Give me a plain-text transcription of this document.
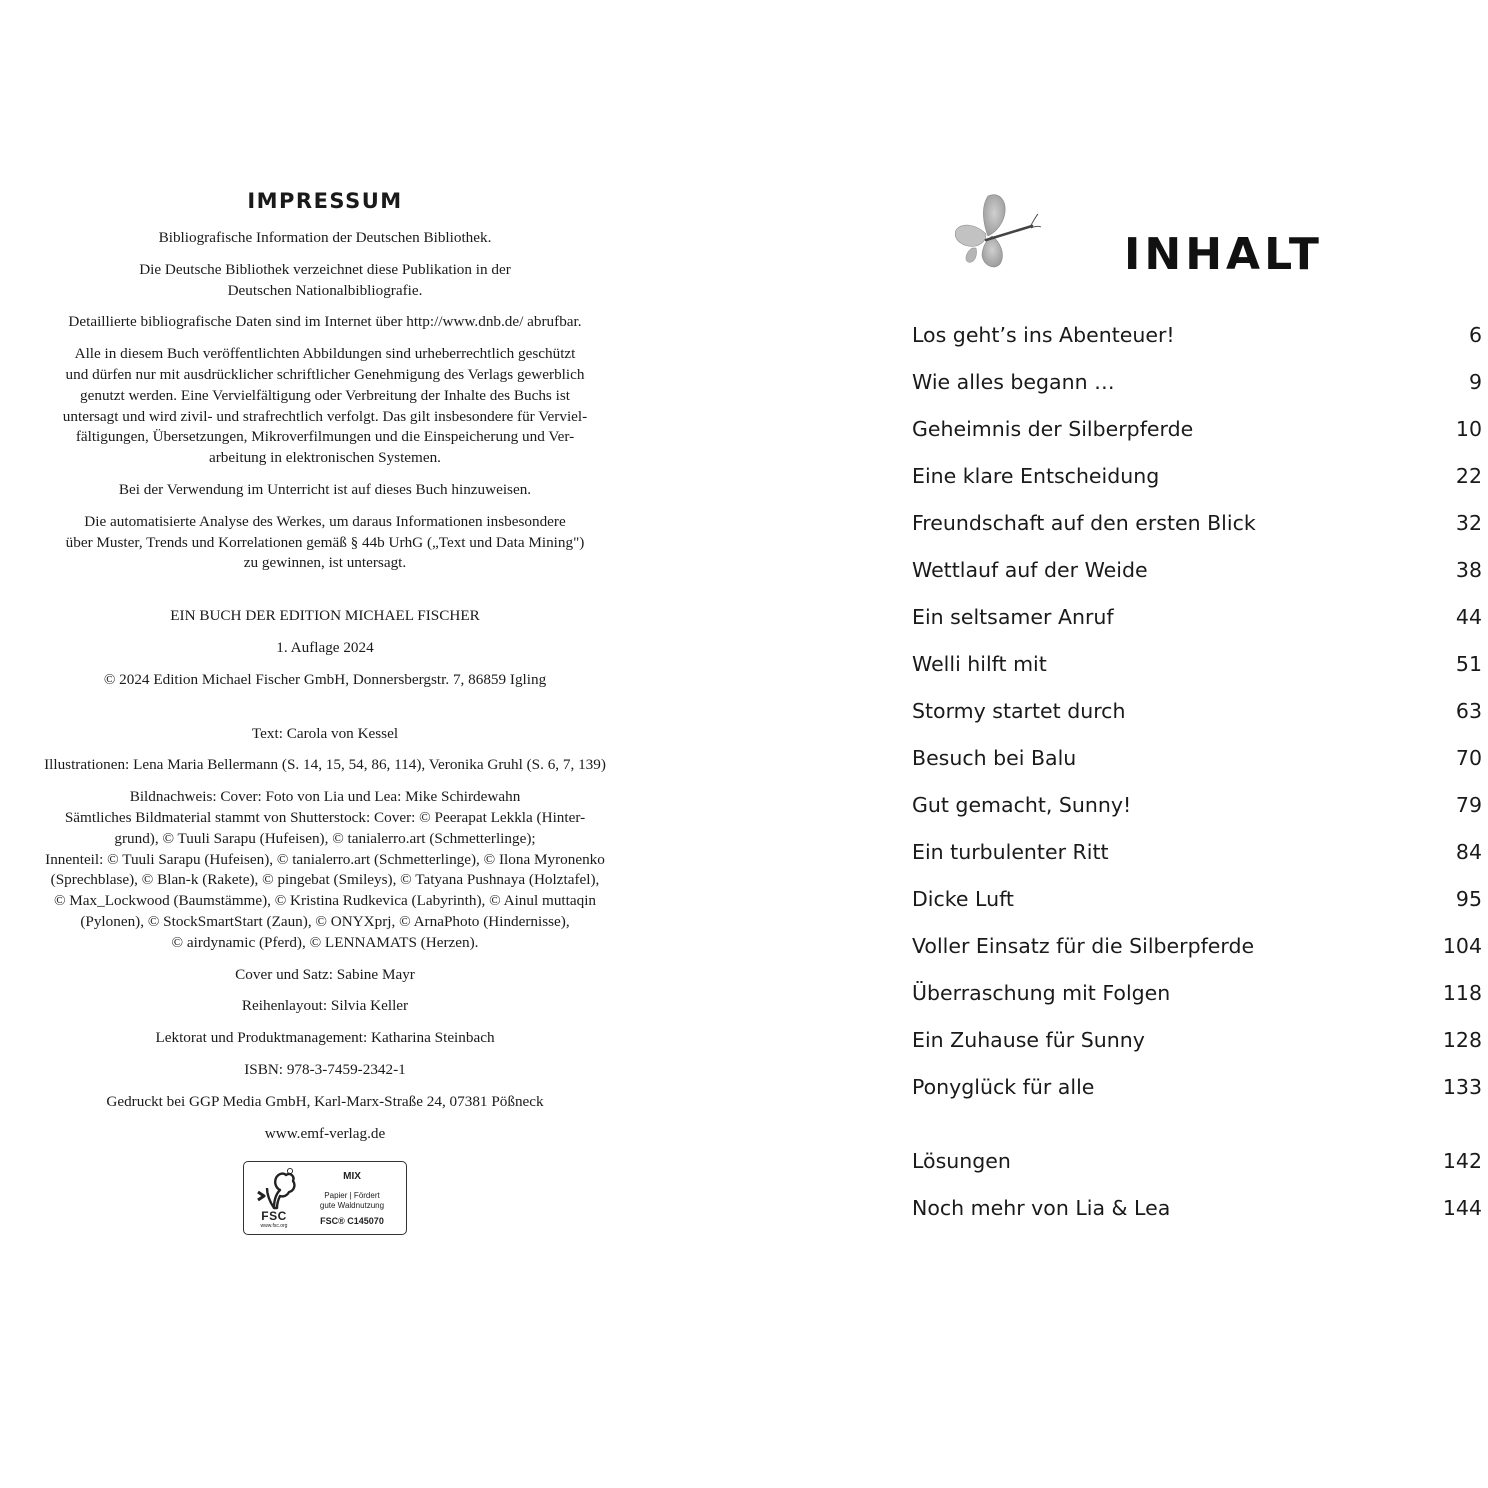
IMPRESSUM

Bibliografische Information der Deutschen Bibliothek.

Die Deutsche Bibliothek verzeichnet diese Publikation in der
Deutschen Nationalbibliografie.

Detaillierte bibliografische Daten sind im Internet über http://www.dnb.de/ abrufbar.

Alle in diesem Buch veröffentlichten Abbildungen sind urheberrechtlich geschützt
und dürfen nur mit ausdrücklicher schriftlicher Genehmigung des Verlags gewerblich
genutzt werden. Eine Vervielfältigung oder Verbreitung der Inhalte des Buchs ist
untersagt und wird zivil- und strafrechtlich verfolgt. Das gilt insbesondere für Verviel-
fältigungen, Übersetzungen, Mikroverfilmungen und die Einspeicherung und Ver-
arbeitung in elektronischen Systemen.

Bei der Verwendung im Unterricht ist auf dieses Buch hinzuweisen.

Die automatisierte Analyse des Werkes, um daraus Informationen insbesondere
über Muster, Trends und Korrelationen gemäß § 44b UrhG („Text und Data Mining")
zu gewinnen, ist untersagt.

EIN BUCH DER EDITION MICHAEL FISCHER

1. Auflage 2024

© 2024 Edition Michael Fischer GmbH, Donnersbergstr. 7, 86859 Igling

Text: Carola von Kessel

Illustrationen: Lena Maria Bellermann (S. 14, 15, 54, 86, 114), Veronika Gruhl (S. 6, 7, 139)

Bildnachweis: Cover: Foto von Lia und Lea: Mike Schirdewahn
Sämtliches Bildmaterial stammt von Shutterstock: Cover: © Peerapat Lekkla (Hinter-
grund), © Tuuli Sarapu (Hufeisen), © tanialerro.art (Schmetterlinge);
Innenteil: © Tuuli Sarapu (Hufeisen), © tanialerro.art (Schmetterlinge), © Ilona Myronenko
(Sprechblase), © Blan-k (Rakete), © pingebat (Smileys), © Tatyana Pushnaya (Holztafel),
© Max_Lockwood (Baumstämme), © Kristina Rudkevica (Labyrinth), © Ainul muttaqin
(Pylonen), © StockSmartStart (Zaun), © ONYXprj, © ArnaPhoto (Hindernisse),
© airdynamic (Pferd), © LENNAMATS (Herzen).

Cover und Satz: Sabine Mayr

Reihenlayout: Silvia Keller

Lektorat und Produktmanagement: Katharina Steinbach

ISBN: 978-3-7459-2342-1

Gedruckt bei GGP Media GmbH, Karl-Marx-Straße 24, 07381 Pößneck

www.emf-verlag.de

FSC
www.fsc.org
MIX
Papier | Fördert
gute Waldnutzung
FSC® C145070
INHALT
Los geht’s ins Abenteuer!	6
Wie alles begann …	9
Geheimnis der Silberpferde	10
Eine klare Entscheidung	22
Freundschaft auf den ersten Blick	32
Wettlauf auf der Weide	38
Ein seltsamer Anruf	44
Welli hilft mit	51
Stormy startet durch	63
Besuch bei Balu	70
Gut gemacht, Sunny!	79
Ein turbulenter Ritt	84
Dicke Luft	95
Voller Einsatz für die Silberpferde	104
Überraschung mit Folgen	118
Ein Zuhause für Sunny	128
Ponyglück für alle	133
Lösungen	142
Noch mehr von Lia & Lea	144
